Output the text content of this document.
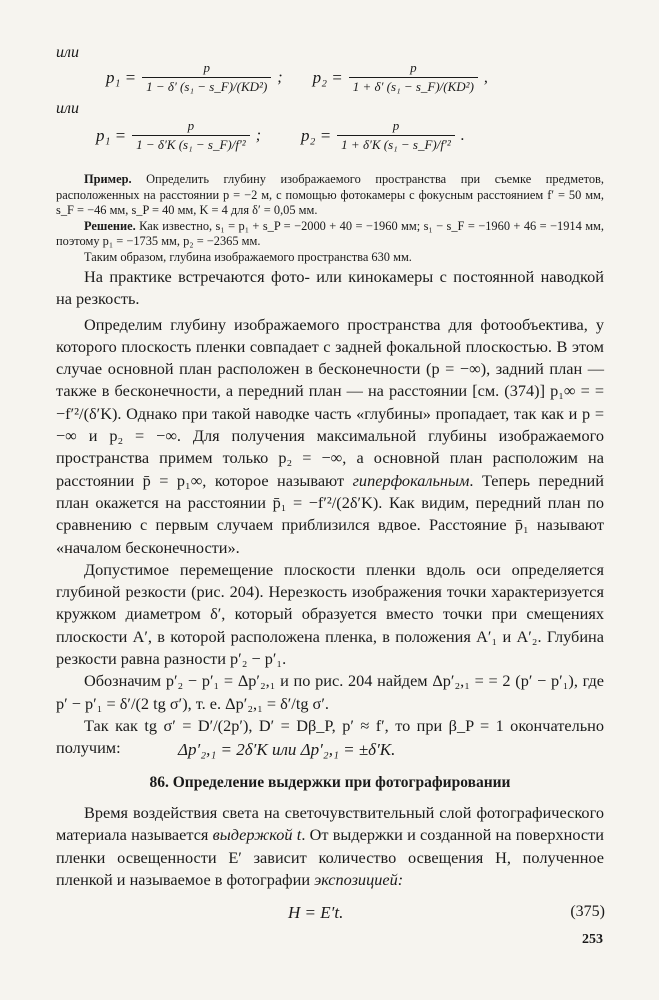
или
$p_1 = \frac{p}{\text{1 − δ′ (s₁ − s\_F)/(KD²)}}$ ; $p_2 = \frac{p}{\text{1 + δ′ (s₁ − s\_F)/(KD²)}}$ ,
или
$p_1 = \frac{p}{\text{1 − δ′K (s₁ − s\_F)/f′²}}$ ; $p_2 = \frac{p}{\text{1 + δ′K (s₁ − s\_F)/f′²}}$ .

Пример. Определить глубину изображаемого пространства при съемке предметов, расположенных на расстоянии p = −2 м, с помощью фотокамеры с фокусным расстоянием f′ = 50 мм, s_F = −46 мм, s_P = 40 мм, K = 4 для δ′ = 0,05 мм.

Решение. Как известно, s₁ = p₁ + s_P = −2000 + 40 = −1960 мм; s₁ − s_F = −1960 + 46 = −1914 мм, поэтому p₁ = −1735 мм, p₂ = −2365 мм.

Таким образом, глубина изображаемого пространства 630 мм.

На практике встречаются фото- или кинокамеры с постоянной наводкой на резкость.

Определим глубину изображаемого пространства для фотообъектива, у которого плоскость пленки совпадает с задней фокальной плоскостью. В этом случае основной план расположен в бесконечности (p = −∞), задний план — также в бесконечности, а передний план — на расстоянии [см. (374)] p₁∞ = = −f′²/(δ′K). Однако при такой наводке часть «глубины» пропадает, так как и p = −∞ и p₂ = −∞. Для получения максимальной глубины изображаемого пространства примем только p₂ = −∞, а основной план расположим на расстоянии p̄ = p₁∞, которое называют гиперфокальным. Теперь передний план окажется на расстоянии p̄₁ = −f′²/(2δ′K). Как видим, передний план по сравнению с первым случаем приблизился вдвое. Расстояние p̄₁ называют «началом бесконечности».

Допустимое перемещение плоскости пленки вдоль оси определяется глубиной резкости (рис. 204). Нерезкость изображения точки характеризуется кружком диаметром δ′, который образуется вместо точки при смещениях плоскости A′, в которой расположена пленка, в положения A′₁ и A′₂. Глубина резкости равна разности p′₂ − p′₁.

Обозначим p′₂ − p′₁ = Δp′₂,₁ и по рис. 204 найдем Δp′₂,₁ = = 2 (p′ − p′₁), где p′ − p′₁ = δ′/(2 tg σ′), т. е. Δp′₂,₁ = δ′/tg σ′.

Так как tg σ′ = D′/(2p′), D′ = Dβ_P, p′ ≈ f′, то при β_P = 1 окончательно получим:	Δp′₂,₁ = 2δ′K или Δp′₂,₁ = ±δ′K.
86. Определение выдержки при фотографировании

Время воздействия света на светочувствительный слой фотографического материала называется выдержкой t. От выдержки и созданной на поверхности пленки освещенности E′ зависит количество освещения H, полученное пленкой и называемое в фотографии экспозицией:

H = E′t.	(375)
253
